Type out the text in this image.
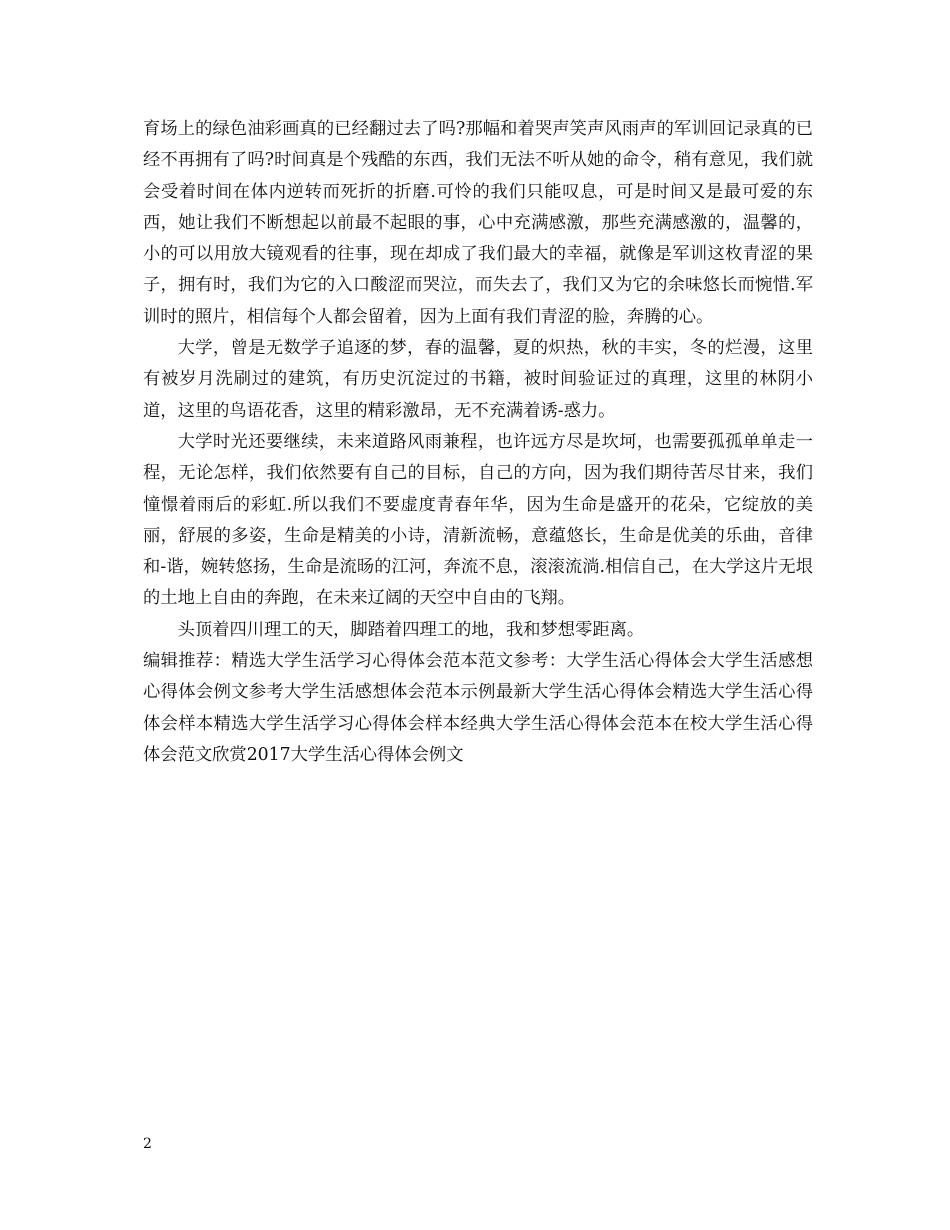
育场上的绿色油彩画真的已经翻过去了吗?那幅和着哭声笑声风雨声的军训回记录真的已经不再拥有了吗?时间真是个残酷的东西，我们无法不听从她的命令，稍有意见，我们就会受着时间在体内逆转而死折的折磨.可怜的我们只能叹息，可是时间又是最可爱的东西，她让我们不断想起以前最不起眼的事，心中充满感激，那些充满感激的，温馨的，小的可以用放大镜观看的往事，现在却成了我们最大的幸福，就像是军训这枚青涩的果子，拥有时，我们为它的入口酸涩而哭泣，而失去了，我们又为它的余味悠长而惋惜.军训时的照片，相信每个人都会留着，因为上面有我们青涩的脸，奔腾的心。

大学，曾是无数学子追逐的梦，春的温馨，夏的炽热，秋的丰实，冬的烂漫，这里有被岁月洗刷过的建筑，有历史沉淀过的书籍，被时间验证过的真理，这里的林阴小道，这里的鸟语花香，这里的精彩激昂，无不充满着诱-惑力。

大学时光还要继续，未来道路风雨兼程，也许远方尽是坎坷，也需要孤孤单单走一程，无论怎样，我们依然要有自己的目标，自己的方向，因为我们期待苦尽甘来，我们憧憬着雨后的彩虹.所以我们不要虚度青春年华，因为生命是盛开的花朵，它绽放的美丽，舒展的多姿，生命是精美的小诗，清新流畅，意蕴悠长，生命是优美的乐曲，音律和-谐，婉转悠扬，生命是流旸的江河，奔流不息，滚滚流淌.相信自己，在大学这片无垠的土地上自由的奔跑，在未来辽阔的天空中自由的飞翔。

头顶着四川理工的天，脚踏着四理工的地，我和梦想零距离。

编辑推荐：精选大学生活学习心得体会范本范文参考：大学生活心得体会大学生活感想心得体会例文参考大学生活感想体会范本示例最新大学生活心得体会精选大学生活心得体会样本精选大学生活学习心得体会样本经典大学生活心得体会范本在校大学生活心得体会范文欣赏2017大学生活心得体会例文

2
